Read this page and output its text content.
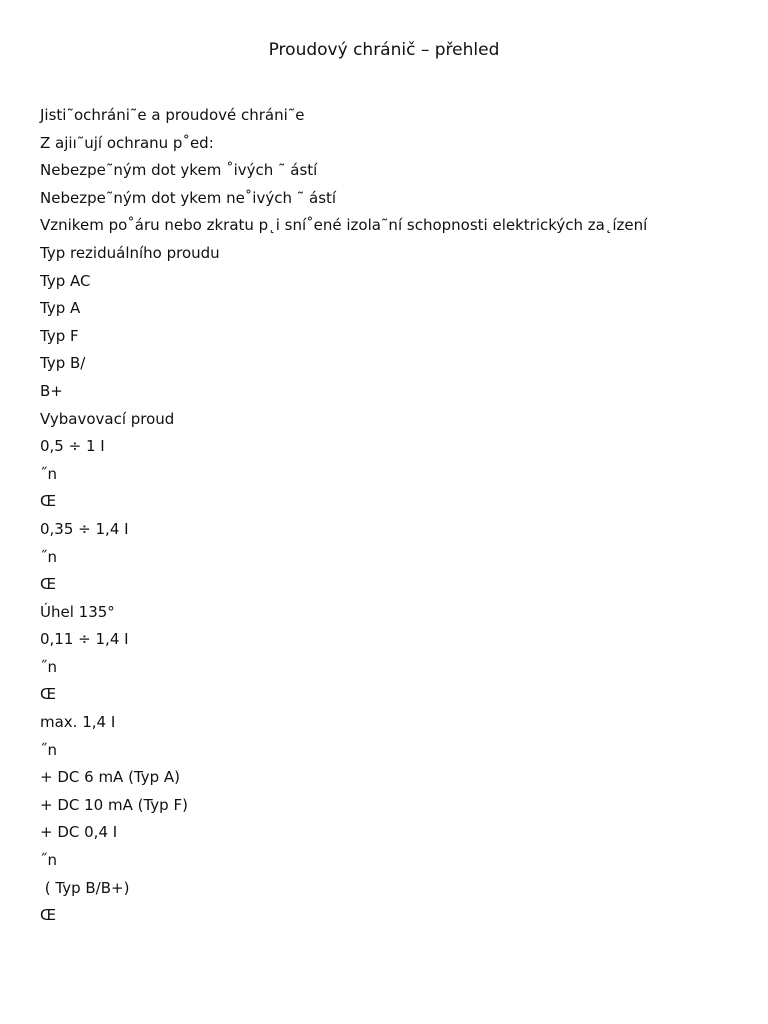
Proudový chránič – přehled
Jisti˜ochráni˜e a proudové chráni˜e
Z ajiı˜ují ochranu p˚ed:
Nebezpe˜ným dot ykem ˚ivých ˜ ástí
Nebezpe˜ným dot ykem ne˚ivých ˜ ástí
Vznikem po˚áru nebo zkratu p˛i sní˚ené izola˜ní schopnosti elektrických za˛ízení
Typ reziduálního proudu
Typ AC
Typ A
Typ F
Typ B/
B+
Vybavovací proud
0,5 ÷ 1 I
˝n
Œ
0,35 ÷ 1,4 I
˝n
Œ
Úhel 135°
0,11 ÷ 1,4 I
˝n
Œ
max. 1,4 I
˝n
+ DC 6 mA (Typ A)
+ DC 10 mA (Typ F)
+ DC 0,4 I
˝n
( Typ B/B+)
Œ
